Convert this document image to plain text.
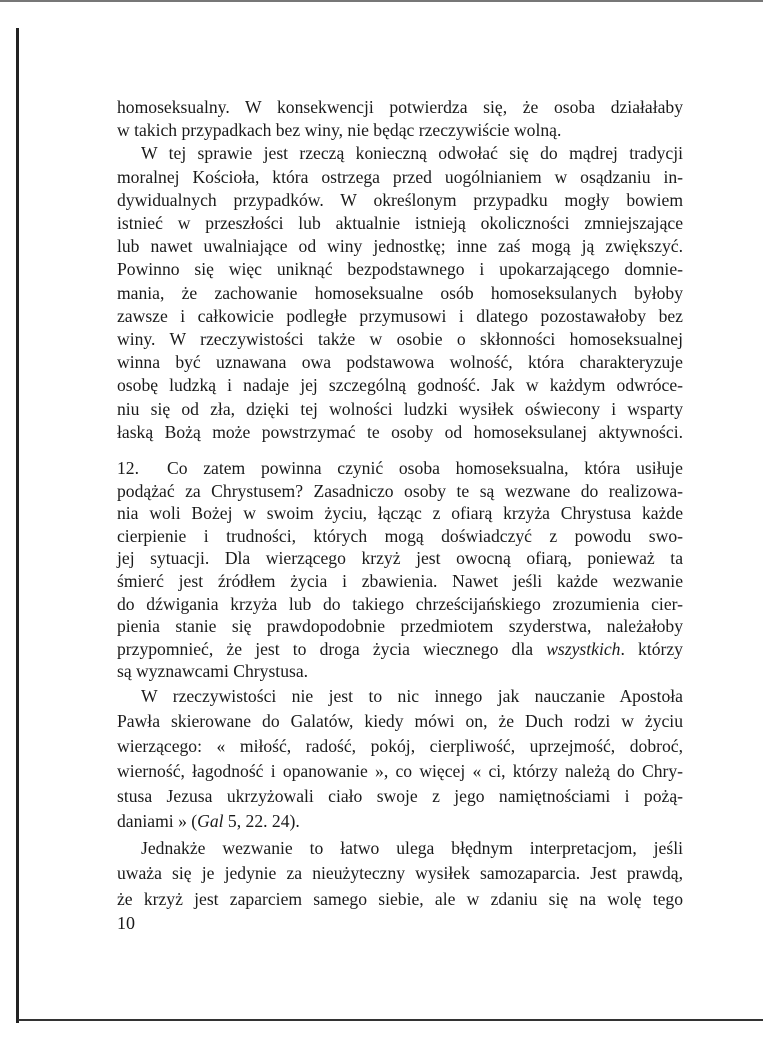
homoseksualny. W konsekwencji potwierdza się, że osoba działałaby
w takich przypadkach bez winy, nie będąc rzeczywiście wolną.
W tej sprawie jest rzeczą konieczną odwołać się do mądrej tradycji
moralnej Kościoła, która ostrzega przed uogólnianiem w osądzaniu in-
dywidualnych przypadków. W określonym przypadku mogły bowiem
istnieć w przeszłości lub aktualnie istnieją okoliczności zmniejszające
lub nawet uwalniające od winy jednostkę; inne zaś mogą ją zwiększyć.
Powinno się więc uniknąć bezpodstawnego i upokarzającego domnie-
mania, że zachowanie homoseksualne osób homoseksulanych byłoby
zawsze i całkowicie podległe przymusowi i dlatego pozostawałoby bez
winy. W rzeczywistości także w osobie o skłonności homoseksualnej
winna być uznawana owa podstawowa wolność, która charakteryzuje
osobę ludzką i nadaje jej szczególną godność. Jak w każdym odwróce-
niu się od zła, dzięki tej wolności ludzki wysiłek oświecony i wsparty
łaską Bożą może powstrzymać te osoby od homoseksulanej aktywności.
12. Co zatem powinna czynić osoba homoseksualna, która usiłuje
podążać za Chrystusem? Zasadniczo osoby te są wezwane do realizowa-
nia woli Bożej w swoim życiu, łącząc z ofiarą krzyża Chrystusa każde
cierpienie i trudności, których mogą doświadczyć z powodu swo-
jej sytuacji. Dla wierzącego krzyż jest owocną ofiarą, ponieważ ta
śmierć jest źródłem życia i zbawienia. Nawet jeśli każde wezwanie
do dźwigania krzyża lub do takiego chrześcijańskiego zrozumienia cier-
pienia stanie się prawdopodobnie przedmiotem szyderstwa, należałoby
przypomnieć, że jest to droga życia wiecznego dla wszystkich. którzy
są wyznawcami Chrystusa.
W rzeczywistości nie jest to nic innego jak nauczanie Apostoła
Pawła skierowane do Galatów, kiedy mówi on, że Duch rodzi w życiu
wierzącego: « miłość, radość, pokój, cierpliwość, uprzejmość, dobroć,
wierność, łagodność i opanowanie », co więcej « ci, którzy należą do Chry-
stusa Jezusa ukrzyżowali ciało swoje z jego namiętnościami i pożą-
daniami » (Gal 5, 22. 24).
Jednakże wezwanie to łatwo ulega błędnym interpretacjom, jeśli
uważa się je jedynie za nieużyteczny wysiłek samozaparcia. Jest prawdą,
że krzyż jest zaparciem samego siebie, ale w zdaniu się na wolę tego
10
